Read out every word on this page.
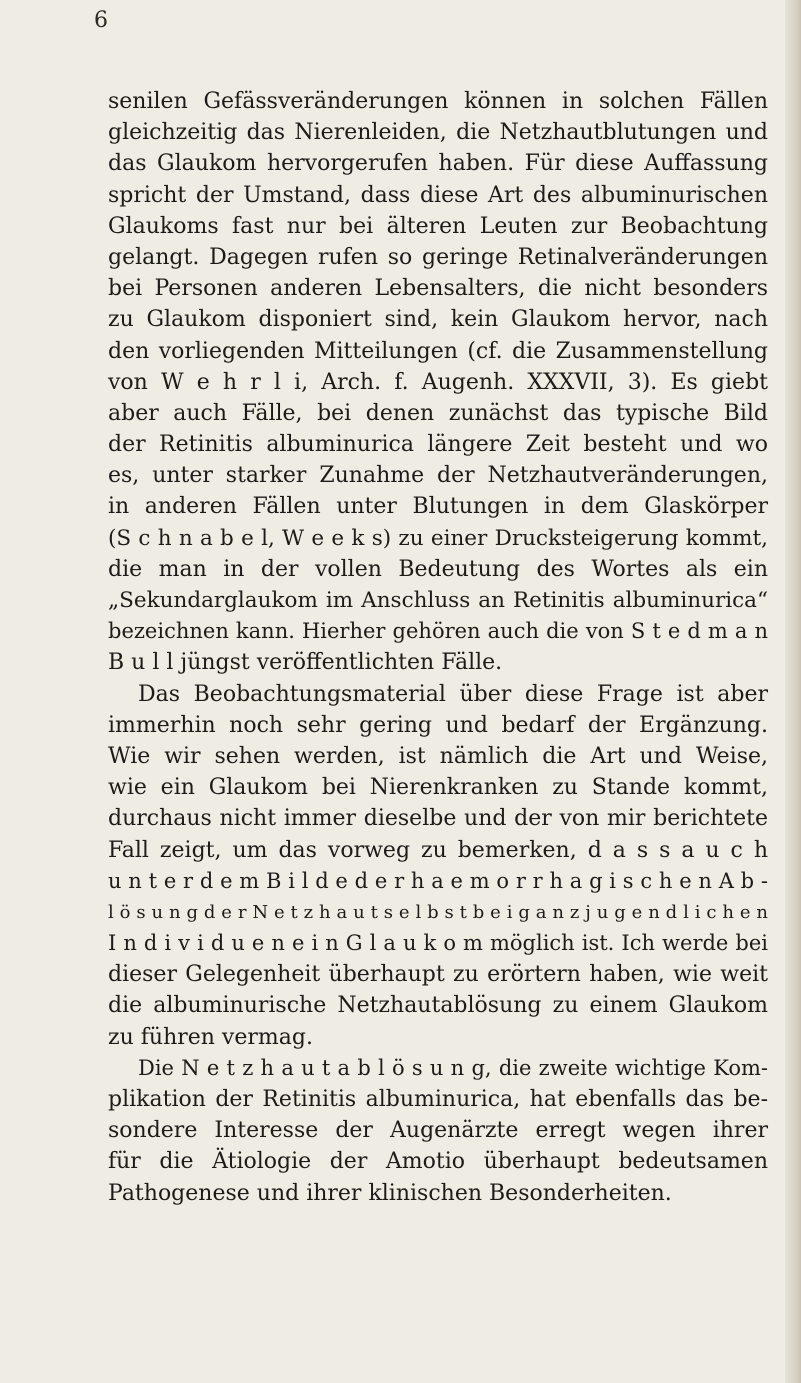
6
senilen Gefässveränderungen können in solchen Fällen
gleichzeitig das Nierenleiden, die Netzhautblutungen und
das Glaukom hervorgerufen haben. Für diese Auffassung
spricht der Umstand, dass diese Art des albuminurischen
Glaukoms fast nur bei älteren Leuten zur Beobachtung
gelangt. Dagegen rufen so geringe Retinalveränderungen
bei Personen anderen Lebensalters, die nicht besonders
zu Glaukom disponiert sind, kein Glaukom hervor, nach
den vorliegenden Mitteilungen (cf. die Zusammenstellung
von W e h r l i, Arch. f. Augenh. XXXVII, 3). Es giebt
aber auch Fälle, bei denen zunächst das typische Bild
der Retinitis albuminurica längere Zeit besteht und wo
es, unter starker Zunahme der Netzhautveränderungen,
in anderen Fällen unter Blutungen in dem Glaskörper
(S c h n a b e l, W e e k s) zu einer Drucksteigerung kommt,
die man in der vollen Bedeutung des Wortes als ein
„Sekundarglaukom im Anschluss an Retinitis albuminurica“
bezeichnen kann. Hierher gehören auch die von S t e d m a n
B u l l jüngst veröffentlichten Fälle.
Das Beobachtungsmaterial über diese Frage ist aber
immerhin noch sehr gering und bedarf der Ergänzung.
Wie wir sehen werden, ist nämlich die Art und Weise,
wie ein Glaukom bei Nierenkranken zu Stande kommt,
durchaus nicht immer dieselbe und der von mir berichtete
Fall zeigt, um das vorweg zu bemerken, d a s s a u c h
u n t e r d e m B i l d e d e r h a e m o r r h a g i s c h e n A b -
l ö s u n g d e r N e t z h a u t s e l b s t b e i g a n z j u g e n d l i c h e n
I n d i v i d u e n e i n G l a u k o m möglich ist. Ich werde bei
dieser Gelegenheit überhaupt zu erörtern haben, wie weit
die albuminurische Netzhautablösung zu einem Glaukom
zu führen vermag.
Die N e t z h a u t a b l ö s u n g, die zweite wichtige Kom-
plikation der Retinitis albuminurica, hat ebenfalls das be-
sondere Interesse der Augenärzte erregt wegen ihrer
für die Ätiologie der Amotio überhaupt bedeutsamen
Pathogenese und ihrer klinischen Besonderheiten.
